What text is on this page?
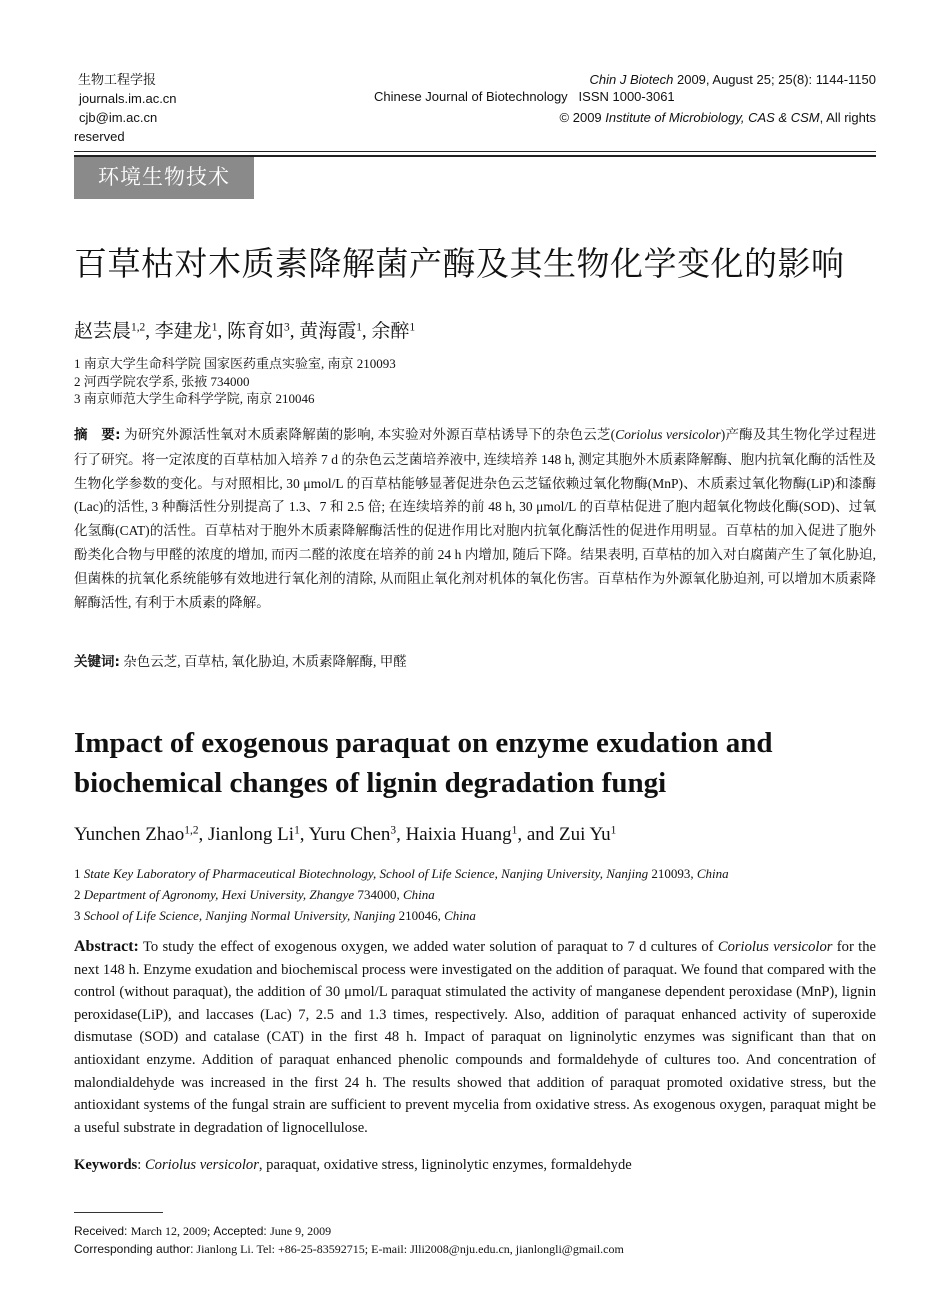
生物工程学报
journals.im.ac.cn
cjb@im.ac.cn
reserved
Chinese Journal of Biotechnology ISSN 1000-3061
Chin J Biotech 2009, August 25; 25(8): 1144-1150
© 2009 Institute of Microbiology, CAS & CSM, All rights
环境生物技术
百草枯对木质素降解菌产酶及其生物化学变化的影响
赵芸晨$^{1,2}$, 李建龙$^1$, 陈育如$^3$, 黄海霞$^1$, 余醉$^1$
1 南京大学生命科学院 国家医药重点实验室, 南京 210093
2 河西学院农学系, 张掖 734000
3 南京师范大学生命科学学院, 南京 210046
摘　要: 为研究外源活性氧对木质素降解菌的影响, 本实验对外源百草枯诱导下的杂色云芝(Coriolus versicolor)产酶及其生物化学过程进行了研究。将一定浓度的百草枯加入培养 7 d 的杂色云芝菌培养液中, 连续培养 148 h, 测定其胞外木质素降解酶、胞内抗氧化酶的活性及生物化学参数的变化。与对照相比, 30 μmol/L 的百草枯能够显著促进杂色云芝锰依赖过氧化物酶(MnP)、木质素过氧化物酶(LiP)和漆酶(Lac)的活性, 3 种酶活性分别提高了 1.3、7 和 2.5 倍; 在连续培养的前 48 h, 30 μmol/L 的百草枯促进了胞内超氧化物歧化酶(SOD)、过氧化氢酶(CAT)的活性。百草枯对于胞外木质素降解酶活性的促进作用比对胞内抗氧化酶活性的促进作用明显。百草枯的加入促进了胞外酚类化合物与甲醛的浓度的增加, 而丙二醛的浓度在培养的前 24 h 内增加, 随后下降。结果表明, 百草枯的加入对白腐菌产生了氧化胁迫, 但菌株的抗氧化系统能够有效地进行氧化剂的清除, 从而阻止氧化剂对机体的氧化伤害。百草枯作为外源氧化胁迫剂, 可以增加木质素降解酶活性, 有利于木质素的降解。
关键词: 杂色云芝, 百草枯, 氧化胁迫, 木质素降解酶, 甲醛
Impact of exogenous paraquat on enzyme exudation and
biochemical changes of lignin degradation fungi
Yunchen Zhao$^{1,2}$, Jianlong Li$^1$, Yuru Chen$^3$, Haixia Huang$^1$, and Zui Yu$^1$
1 State Key Laboratory of Pharmaceutical Biotechnology, School of Life Science, Nanjing University, Nanjing 210093, China
2 Department of Agronomy, Hexi University, Zhangye 734000, China
3 School of Life Science, Nanjing Normal University, Nanjing 210046, China
Abstract: To study the effect of exogenous oxygen, we added water solution of paraquat to 7 d cultures of Coriolus versicolor for the next 148 h. Enzyme exudation and biochemiscal process were investigated on the addition of paraquat. We found that compared with the control (without paraquat), the addition of 30 μmol/L paraquat stimulated the activity of manganese dependent peroxidase (MnP), lignin peroxidase(LiP), and laccases (Lac) 7, 2.5 and 1.3 times, respectively. Also, addition of paraquat enhanced activity of superoxide dismutase (SOD) and catalase (CAT) in the first 48 h. Impact of paraquat on ligninolytic enzymes was significant than that on antioxidant enzyme. Addition of paraquat enhanced phenolic compounds and formaldehyde of cultures too. And concentration of malondialdehyde was increased in the first 24 h. The results showed that addition of paraquat promoted oxidative stress, but the antioxidant systems of the fungal strain are sufficient to prevent mycelia from oxidative stress. As exogenous oxygen, paraquat might be a useful substrate in degradation of lignocellulose.
Keywords: Coriolus versicolor, paraquat, oxidative stress, ligninolytic enzymes, formaldehyde
Received: March 12, 2009; Accepted: June 9, 2009
Corresponding author: Jianlong Li. Tel: +86-25-83592715; E-mail: Jlli2008@nju.edu.cn, jianlongli@gmail.com
